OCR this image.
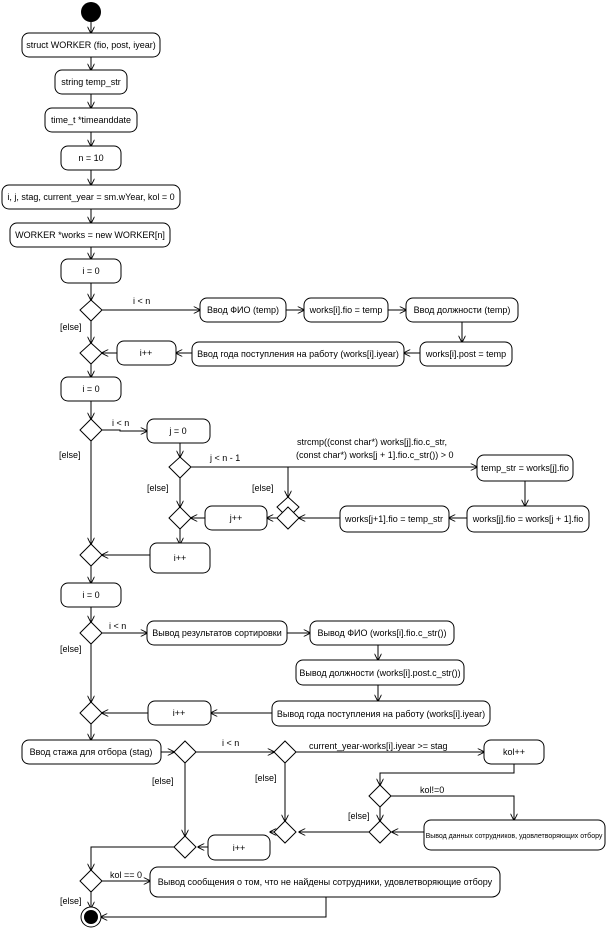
struct WORKER (fio, post, iyear)
string temp_str
time_t *timeanddate
n = 10
i, j, stag, current_year = sm.wYear, kol = 0
WORKER *works = new WORKER[n]
i = 0
Ввод ФИО (temp)	works[i].fio = temp	Ввод должности (temp)
works[i].post = temp
Ввод года поступления на работу (works[i].iyear)
i++
i = 0
j = 0
temp_str = works[j].fio
works[j].fio = works[j + 1].fio
works[j+1].fio = temp_str
j++
i++
i = 0
Вывод результатов сортировки	Вывод ФИО (works[i].fio.c_str())
Вывод должности (works[i].post.c_str())
Вывод года поступления на работу (works[i].iyear)
i++
Ввод стажа для отбора (stag)	kol++
Вывод данных сотрудников, удовлетворяющих отбору
i++
Вывод сообщения о том, что не найдены сотрудники, удовлетворяющие отбору
i < n
[else]
i < n
[else]	j < n - 1
[else]
strcmp((const char*) works[j].fio.c_str,
(const char*) works[j + 1].fio.c_str()) > 0
[else]
i < n
[else]
i < n
[else]
current_year-works[i].iyear >= stag
[else]
kol!=0
[else]
kol == 0
[else]
